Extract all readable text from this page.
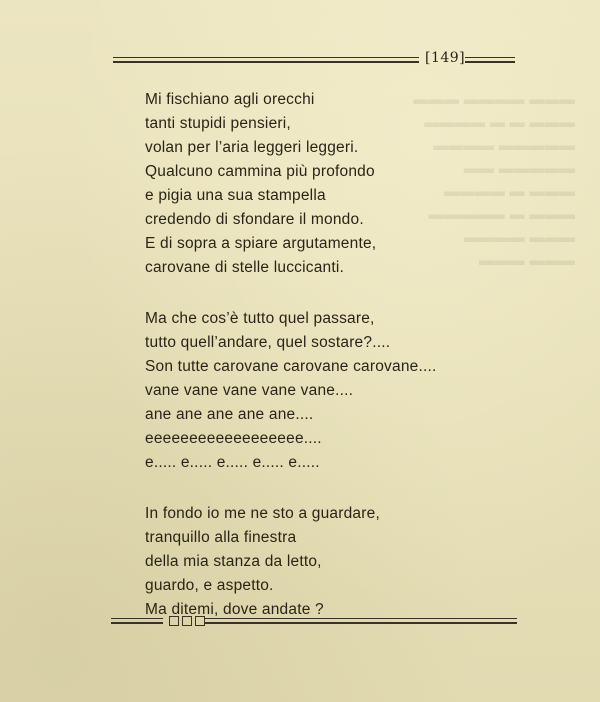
▬▬▬ ▬▬▬▬ ▬▬▬
▬▬▬ ▬ ▬ ▬▬▬▬
▬▬▬▬▬ ▬▬▬▬
▬▬▬▬▬ ▬▬
▬▬▬ ▬ ▬▬▬▬
▬▬▬ ▬ ▬▬▬▬▬
▬▬▬ ▬▬▬▬
▬▬▬ ▬▬▬
[149]
Mi fischiano agli orecchi
tanti stupidi pensieri,
volan per l’aria leggeri leggeri.
Qualcuno cammina più profondo
e pigia una sua stampella
credendo di sfondare il mondo.
E di sopra a spiare argutamente,
carovane di stelle luccicanti.
Ma che cos’è tutto quel passare,
tutto quell’andare, quel sostare?....
Son tutte carovane carovane carovane....
vane vane vane vane vane....
ane ane ane ane ane....
eeeeeeeeeeeeeeeeee....
e..... e..... e..... e..... e.....
In fondo io me ne sto a guardare,
tranquillo alla finestra
della mia stanza da letto,
guardo, e aspetto.
Ma ditemi, dove andate ?
